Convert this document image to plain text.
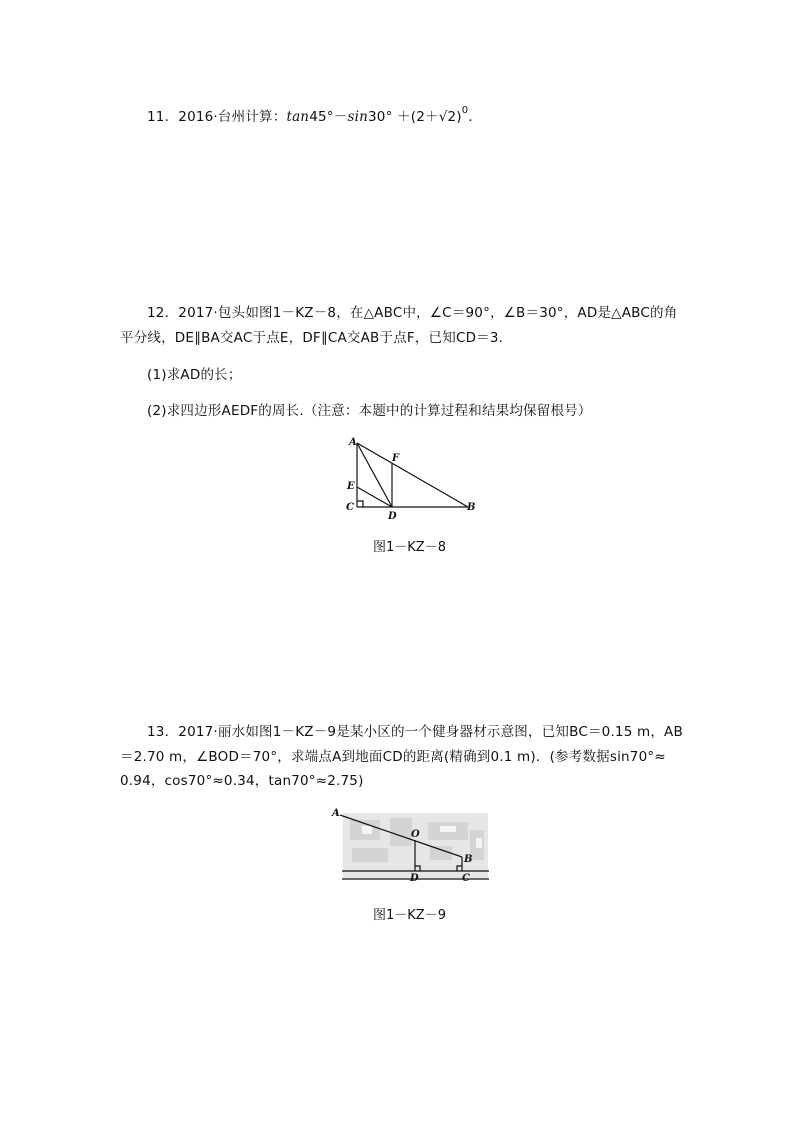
11．2016·台州计算：$\tan 45^\circ-\sin 30^\circ +(2+√2)^0$．
12．2017·包头如图1－KZ－8，在△ABC中，∠C＝90°，∠B＝30°，AD是△ABC的角
平分线，DE∥BA交AC于点E，DF∥CA交AB于点F，已知CD＝3.
(1)求AD的长；
(2)求四边形AEDF的周长.（注意：本题中的计算过程和结果均保留根号）
A
F
E
C
D
B
图1－KZ－8
13．2017·丽水如图1－KZ－9是某小区的一个健身器材示意图，已知BC＝0.15 m，AB
＝2.70 m，∠BOD＝70°，求端点A到地面CD的距离(精确到0.1 m)．(参考数据sin70°≈
0.94，cos70°≈0.34，tan70°≈2.75)
A
O
B
D	C
图1－KZ－9
